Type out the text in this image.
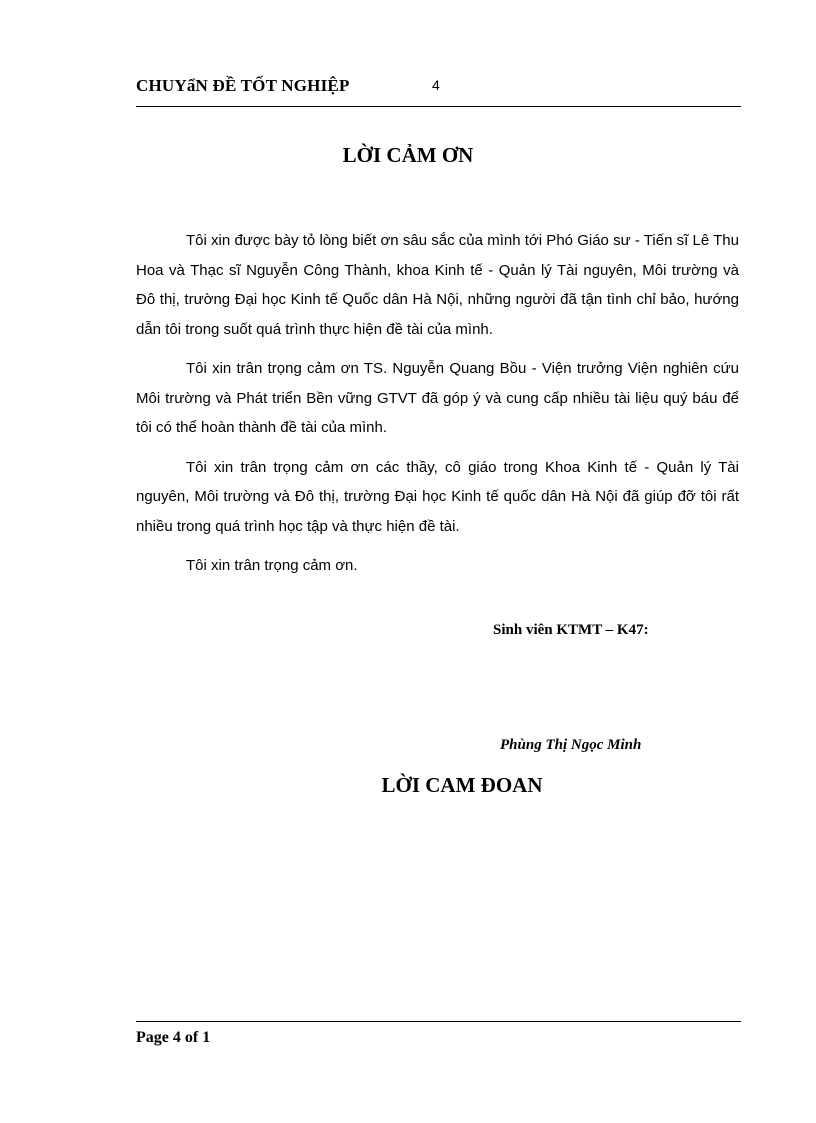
CHUYẩN ĐỀ TỐT NGHIỆP	4
LỜI CẢM ƠN

Tôi xin được bày tỏ lòng biết ơn sâu sắc của mình tới Phó Giáo sư - Tiến sĩ Lê Thu Hoa và Thạc sĩ Nguyễn Công Thành, khoa Kinh tế - Quản lý Tài nguyên, Môi trường và Đô thị, trường Đại học Kinh tế Quốc dân Hà Nội, những người đã tận tình chỉ bảo, hướng dẫn tôi trong suốt quá trình thực hiện đề tài của mình.

Tôi xin trân trọng cảm ơn TS. Nguyễn Quang Bồu - Viện trưởng Viện nghiên cứu Môi trường và Phát triển Bền vững GTVT đã góp ý và cung cấp nhiều tài liệu quý báu để tôi có thể hoàn thành đề tài của mình.

Tôi xin trân trọng cảm ơn các thầy, cô giáo trong Khoa Kinh tế - Quản lý Tài nguyên, Môi trường và Đô thị, trường Đại học Kinh tế quốc dân Hà Nội đã giúp đỡ tôi rất nhiều trong quá trình học tập và thực hiện đề tài.

Tôi xin trân trọng cảm ơn.

Sinh viên KTMT – K47:
Phùng Thị Ngọc Minh
LỜI CAM ĐOAN
Page 4 of 1
